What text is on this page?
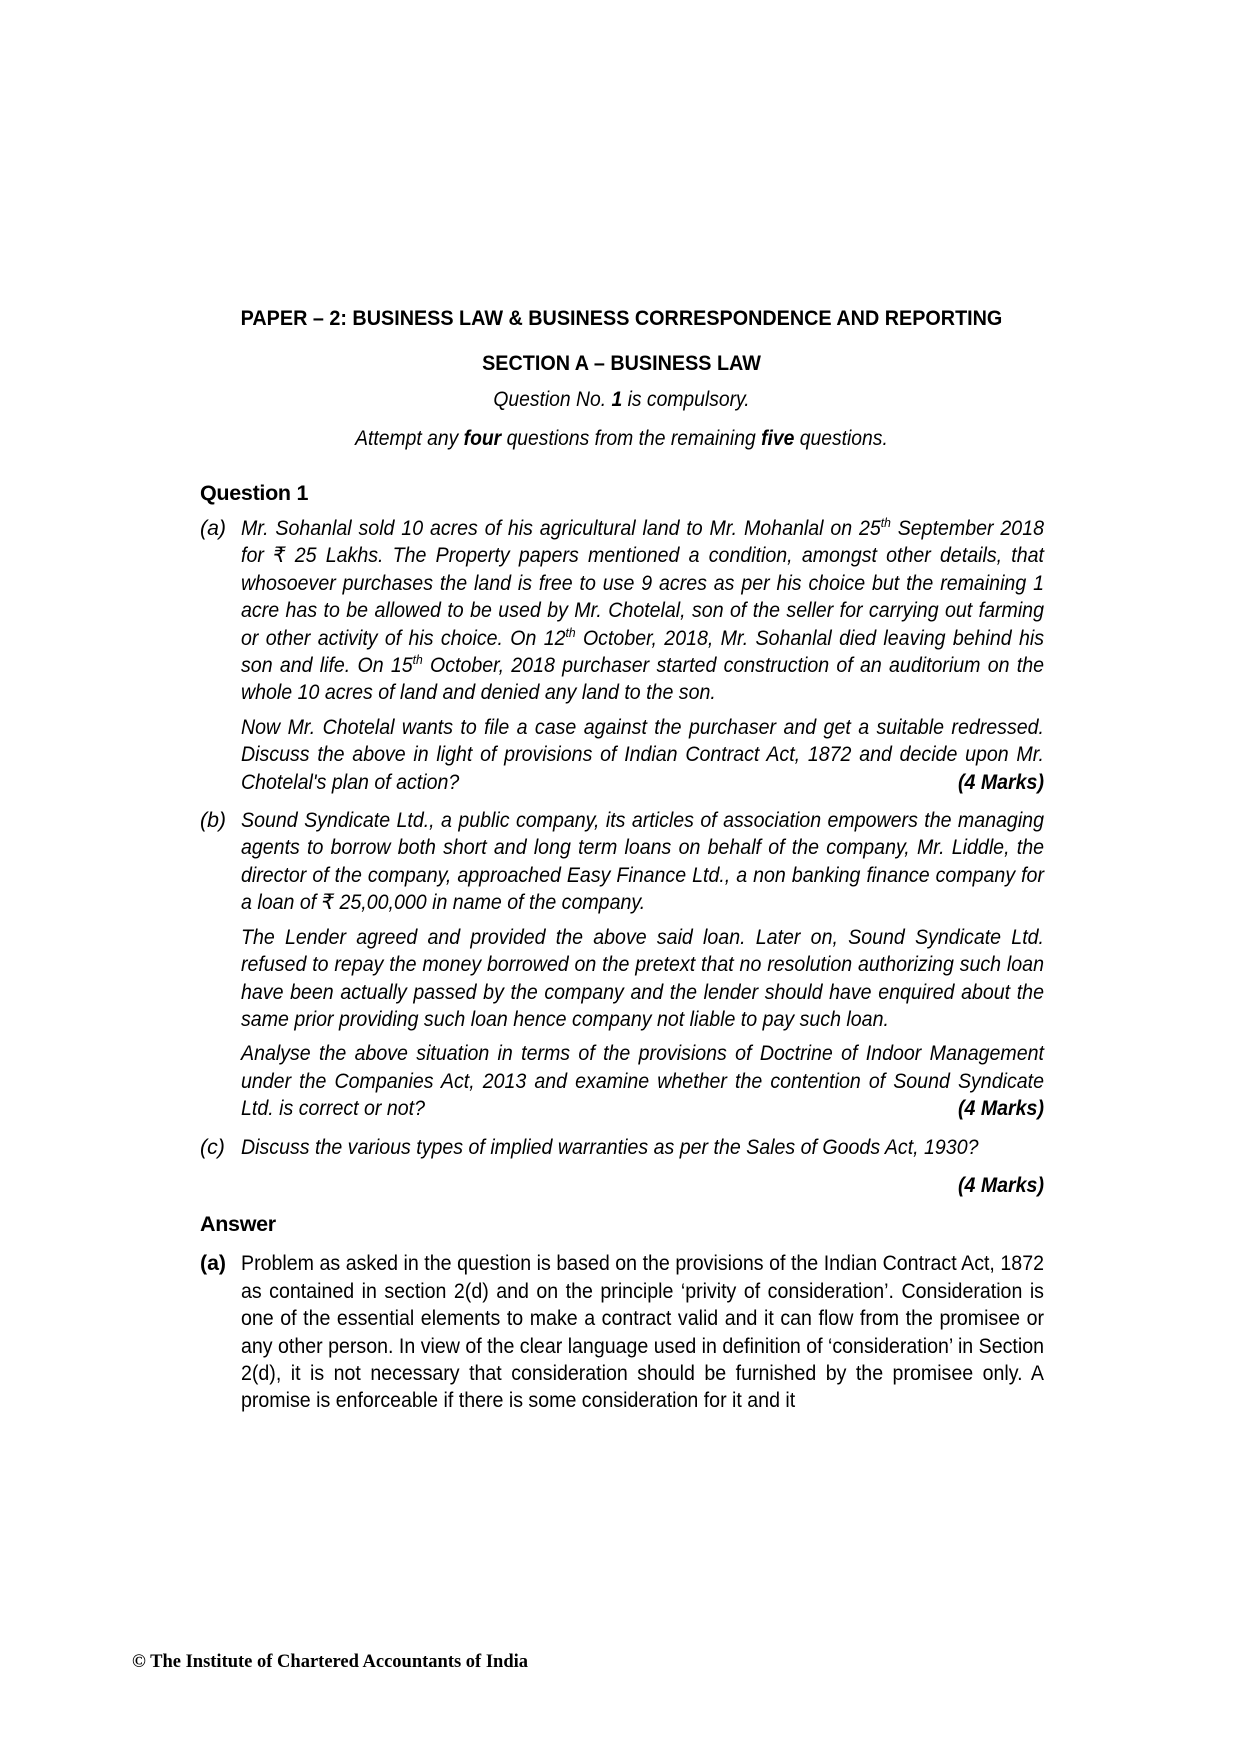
PAPER – 2: BUSINESS LAW & BUSINESS CORRESPONDENCE AND REPORTING
SECTION A – BUSINESS LAW
Question No. 1 is compulsory.
Attempt any four questions from the remaining five questions.
Question 1
(a) Mr. Sohanlal sold 10 acres of his agricultural land to Mr. Mohanlal on 25th September 2018 for ₹ 25 Lakhs. The Property papers mentioned a condition, amongst other details, that whosoever purchases the land is free to use 9 acres as per his choice but the remaining 1 acre has to be allowed to be used by Mr. Chotelal, son of the seller for carrying out farming or other activity of his choice. On 12th October, 2018, Mr. Sohanlal died leaving behind his son and life. On 15th October, 2018 purchaser started construction of an auditorium on the whole 10 acres of land and denied any land to the son.
Now Mr. Chotelal wants to file a case against the purchaser and get a suitable redressed. Discuss the above in light of provisions of Indian Contract Act, 1872 and decide upon Mr. Chotelal's plan of action?	(4 Marks)
(b) Sound Syndicate Ltd., a public company, its articles of association empowers the managing agents to borrow both short and long term loans on behalf of the company, Mr. Liddle, the director of the company, approached Easy Finance Ltd., a non banking finance company for a loan of ₹ 25,00,000 in name of the company.
The Lender agreed and provided the above said loan. Later on, Sound Syndicate Ltd. refused to repay the money borrowed on the pretext that no resolution authorizing such loan have been actually passed by the company and the lender should have enquired about the same prior providing such loan hence company not liable to pay such loan.
Analyse the above situation in terms of the provisions of Doctrine of Indoor Management under the Companies Act, 2013 and examine whether the contention of Sound Syndicate Ltd. is correct or not?	(4 Marks)
(c) Discuss the various types of implied warranties as per the Sales of Goods Act, 1930?
(4 Marks)
Answer
(a) Problem as asked in the question is based on the provisions of the Indian Contract Act, 1872 as contained in section 2(d) and on the principle ‘privity of consideration’. Consideration is one of the essential elements to make a contract valid and it can flow from the promisee or any other person. In view of the clear language used in definition of ‘consideration’ in Section 2(d), it is not necessary that consideration should be furnished by the promisee only. A promise is enforceable if there is some consideration for it and it
© The Institute of Chartered Accountants of India
